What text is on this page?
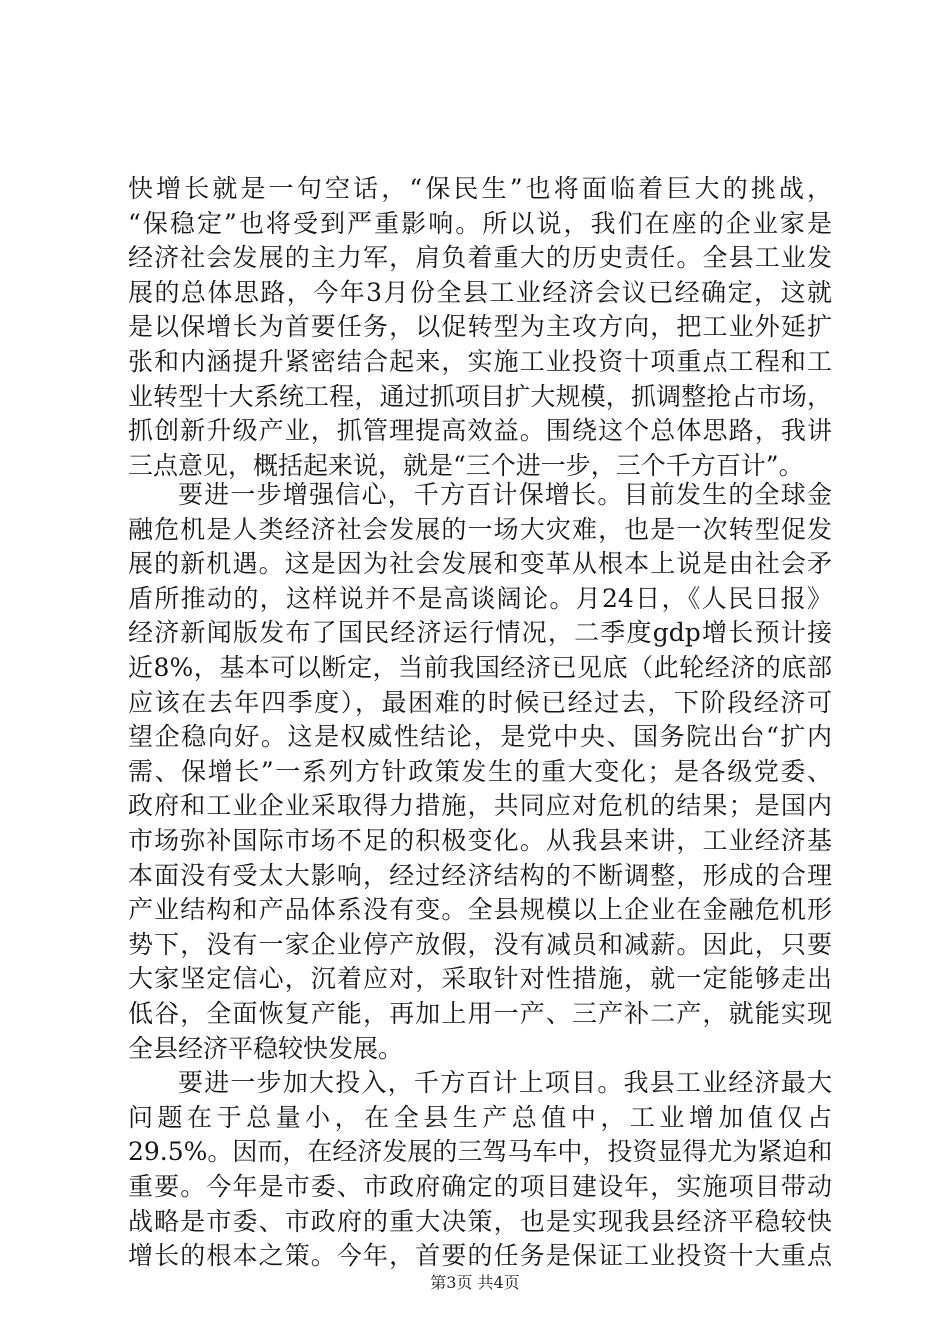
快增长就是一句空话，“保民生”也将面临着巨大的挑战，
“保稳定”也将受到严重影响。所以说，我们在座的企业家是
经济社会发展的主力军，肩负着重大的历史责任。全县工业发
展的总体思路，今年3月份全县工业经济会议已经确定，这就
是以保增长为首要任务，以促转型为主攻方向，把工业外延扩
张和内涵提升紧密结合起来，实施工业投资十项重点工程和工
业转型十大系统工程，通过抓项目扩大规模，抓调整抢占市场，
抓创新升级产业，抓管理提高效益。围绕这个总体思路，我讲
三点意见，概括起来说，就是“三个进一步，三个千方百计”。
要进一步增强信心，千方百计保增长。目前发生的全球金
融危机是人类经济社会发展的一场大灾难，也是一次转型促发
展的新机遇。这是因为社会发展和变革从根本上说是由社会矛
盾所推动的，这样说并不是高谈阔论。月24日，《人民日报》
经济新闻版发布了国民经济运行情况，二季度gdp增长预计接
近8%，基本可以断定，当前我国经济已见底（此轮经济的底部
应该在去年四季度），最困难的时候已经过去，下阶段经济可
望企稳向好。这是权威性结论，是党中央、国务院出台“扩内
需、保增长”一系列方针政策发生的重大变化；是各级党委、
政府和工业企业采取得力措施，共同应对危机的结果；是国内
市场弥补国际市场不足的积极变化。从我县来讲，工业经济基
本面没有受太大影响，经过经济结构的不断调整，形成的合理
产业结构和产品体系没有变。全县规模以上企业在金融危机形
势下，没有一家企业停产放假，没有减员和减薪。因此，只要
大家坚定信心，沉着应对，采取针对性措施，就一定能够走出
低谷，全面恢复产能，再加上用一产、三产补二产，就能实现
全县经济平稳较快发展。
要进一步加大投入，千方百计上项目。我县工业经济最大
问题在于总量小，在全县生产总值中，工业增加值仅占
29.5%。因而，在经济发展的三驾马车中，投资显得尤为紧迫和
重要。今年是市委、市政府确定的项目建设年，实施项目带动
战略是市委、市政府的重大决策，也是实现我县经济平稳较快
增长的根本之策。今年，首要的任务是保证工业投资十大重点
第3页 共4页
